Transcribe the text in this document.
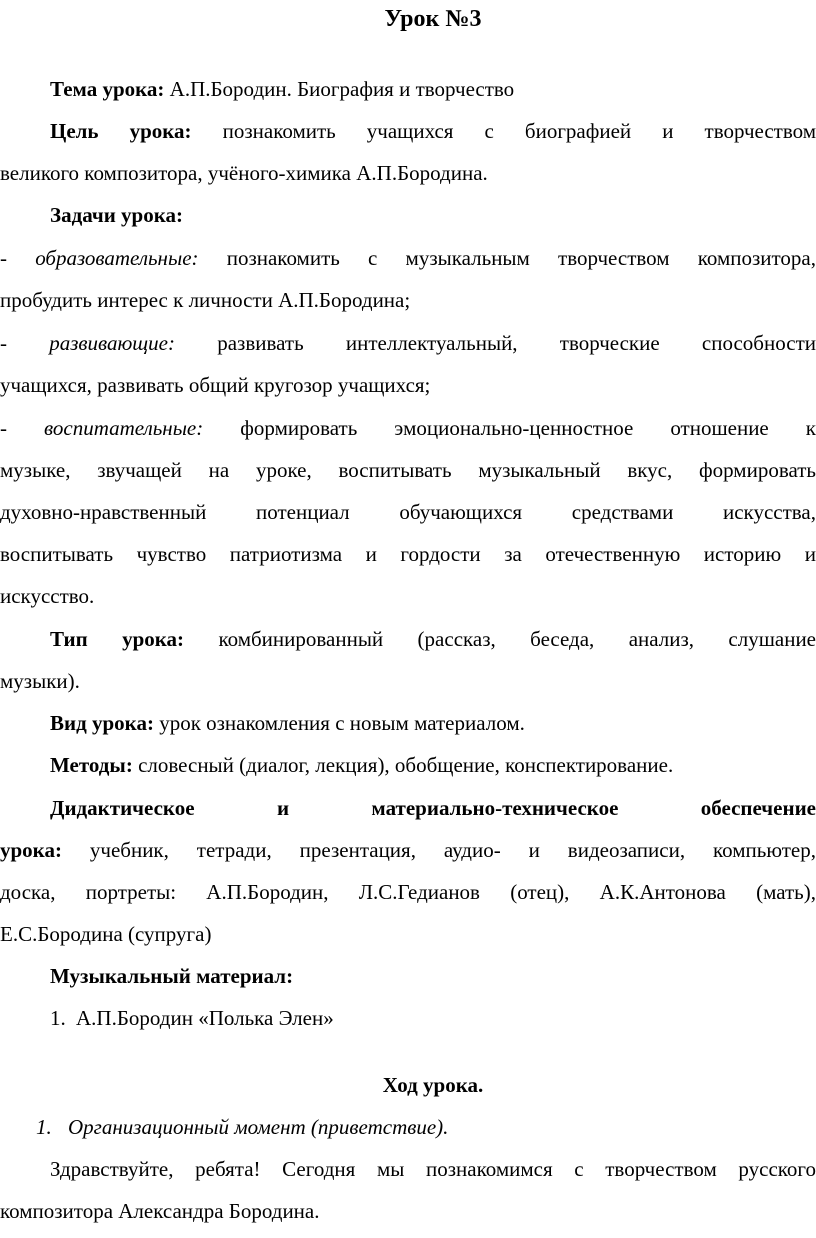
Урок №3
Тема урока: А.П.Бородин. Биография и творчество
Цель урока: познакомить учащихся с биографией и творчеством
великого композитора, учёного-химика А.П.Бородина.
Задачи урока:
- образовательные: познакомить с музыкальным творчеством композитора,
пробудить интерес к личности А.П.Бородина;
- развивающие: развивать интеллектуальный, творческие способности
учащихся, развивать общий кругозор учащихся;
- воспитательные: формировать эмоционально-ценностное отношение к
музыке, звучащей на уроке, воспитывать музыкальный вкус, формировать
духовно-нравственный потенциал обучающихся средствами искусства,
воспитывать чувство патриотизма и гордости за отечественную историю и
искусство.
Тип урока: комбинированный (рассказ, беседа, анализ, слушание
музыки).
Вид урока: урок ознакомления с новым материалом.
Методы: словесный (диалог, лекция), обобщение, конспектирование.
Дидактическое и материально-техническое обеспечение
урока: учебник, тетради, презентация, аудио- и видеозаписи, компьютер,
доска, портреты: А.П.Бородин, Л.С.Гедианов (отец), А.К.Антонова (мать),
Е.С.Бородина (супруга)
Музыкальный материал:
1. А.П.Бородин «Полька Элен»
Ход урока.
1. Организационный момент (приветствие).
Здравствуйте, ребята! Сегодня мы познакомимся с творчеством русского
композитора Александра Бородина.
